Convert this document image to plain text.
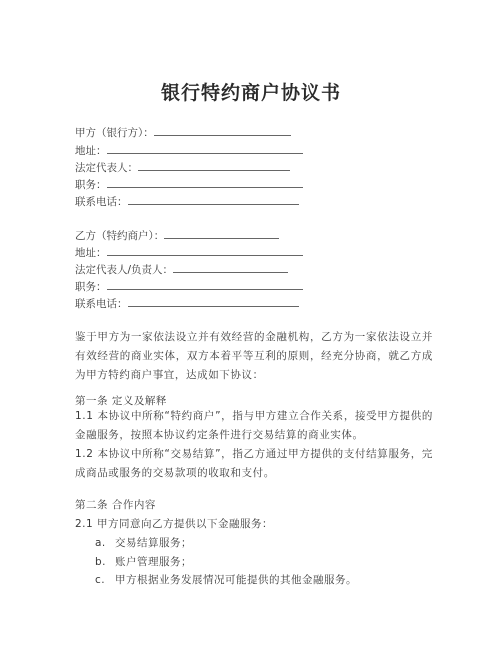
银行特约商户协议书
甲方（银行方）：
地址：
法定代表人：
职务：
联系电话：
乙方（特约商户）：
地址：
法定代表人/负责人：
职务：
联系电话：
鉴于甲方为一家依法设立并有效经营的金融机构，乙方为一家依法设立并有效经营的商业实体，双方本着平等互利的原则，经充分协商，就乙方成为甲方特约商户事宜，达成如下协议：
第一条 定义及解释
1.1 本协议中所称“特约商户”，指与甲方建立合作关系，接受甲方提供的金融服务，按照本协议约定条件进行交易结算的商业实体。
1.2 本协议中所称“交易结算”，指乙方通过甲方提供的支付结算服务，完成商品或服务的交易款项的收取和支付。
第二条 合作内容
2.1 甲方同意向乙方提供以下金融服务：
a. 交易结算服务；
b. 账户管理服务；
c. 甲方根据业务发展情况可能提供的其他金融服务。
